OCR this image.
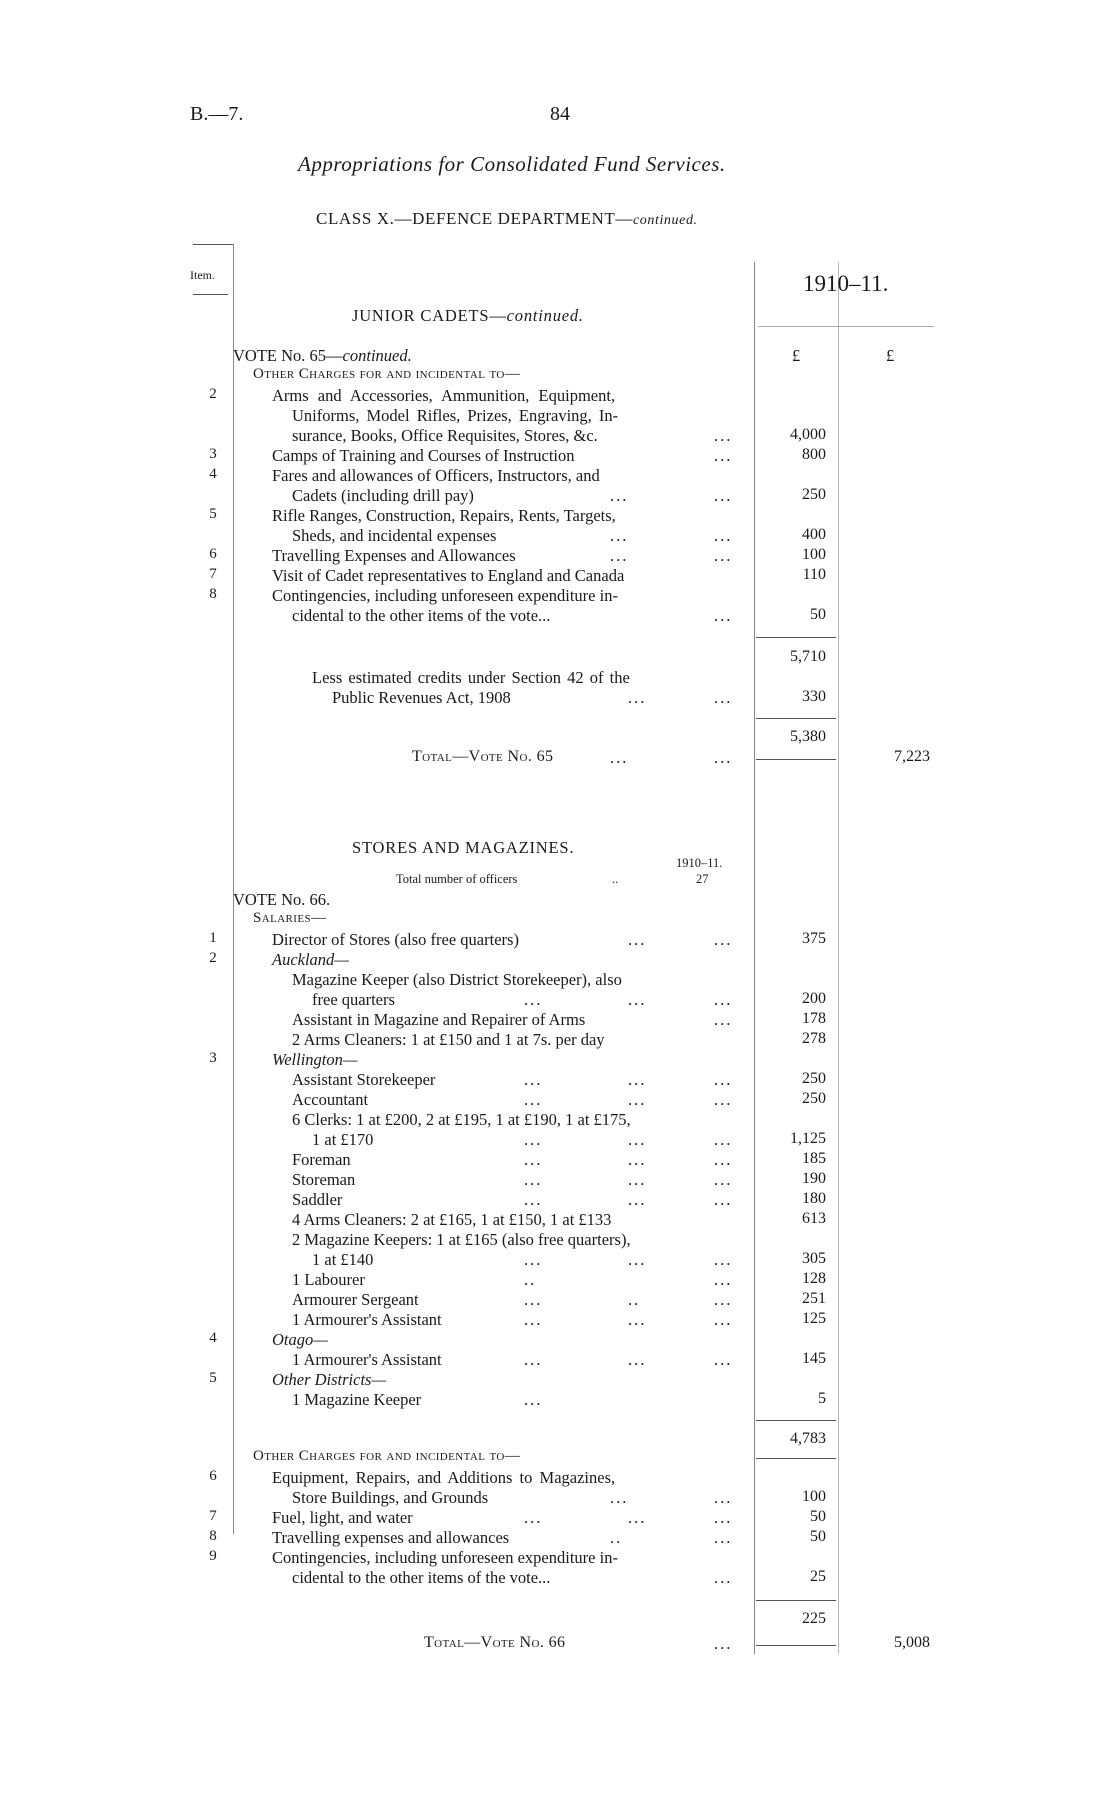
B.—7.	84
Appropriations for Consolidated Fund Services.
CLASS X.—DEFENCE DEPARTMENT—continued.
Item.	1910–11.
£	£
JUNIOR CADETS—continued.
VOTE No. 65—continued.
Other Charges for and incidental to—
2	Arms and Accessories, Ammunition, Equipment,
Uniforms, Model Rifles, Prizes, Engraving, In-
surance, Books, Office Requisites, Stores, &c.	...	4,000
3	Camps of Training and Courses of Instruction	...	800
4	Fares and allowances of Officers, Instructors, and
Cadets (including drill pay)	...	...	250
5	Rifle Ranges, Construction, Repairs, Rents, Targets,
Sheds, and incidental expenses	...	...	400
6	Travelling Expenses and Allowances	...	...	100
7	Visit of Cadet representatives to England and Canada	110
8	Contingencies, including unforeseen expenditure in-
cidental to the other items of the vote...	...	50
5,710
Less estimated credits under Section 42 of the
Public Revenues Act, 1908	...	...	330
5,380
Total—Vote No. 65	...	...	7,223
STORES AND MAGAZINES.
1910–11.
Total number of officers	..	27
VOTE No. 66.
Salaries—
1	Director of Stores (also free quarters)	...	...	375
2	Auckland—
Magazine Keeper (also District Storekeeper), also
free quarters	...	...	...	200
Assistant in Magazine and Repairer of Arms	...	178
2 Arms Cleaners: 1 at £150 and 1 at 7s. per day	278
3	Wellington—
Assistant Storekeeper	...	...	...	250
Accountant	...	...	...	250
6 Clerks: 1 at £200, 2 at £195, 1 at £190, 1 at £175,
1 at £170	...	...	...	1,125
Foreman	...	...	...	185
Storeman	...	...	...	190
Saddler	...	...	...	180
4 Arms Cleaners: 2 at £165, 1 at £150, 1 at £133	613
2 Magazine Keepers: 1 at £165 (also free quarters),
1 at £140	...	...	...	305
1 Labourer	..	...	128
Armourer Sergeant	...	..	...	251
1 Armourer's Assistant	...	...	...	125
4	Otago—
1 Armourer's Assistant	...	...	...	145
5	Other Districts—
1 Magazine Keeper	...	5
4,783
Other Charges for and incidental to—
6	Equipment, Repairs, and Additions to Magazines,
Store Buildings, and Grounds	...	...	100
7	Fuel, light, and water	...	...	...	50
8	Travelling expenses and allowances	..	...	50
9	Contingencies, including unforeseen expenditure in-
cidental to the other items of the vote...	...	25
225
Total—Vote No. 66	...	5,008
